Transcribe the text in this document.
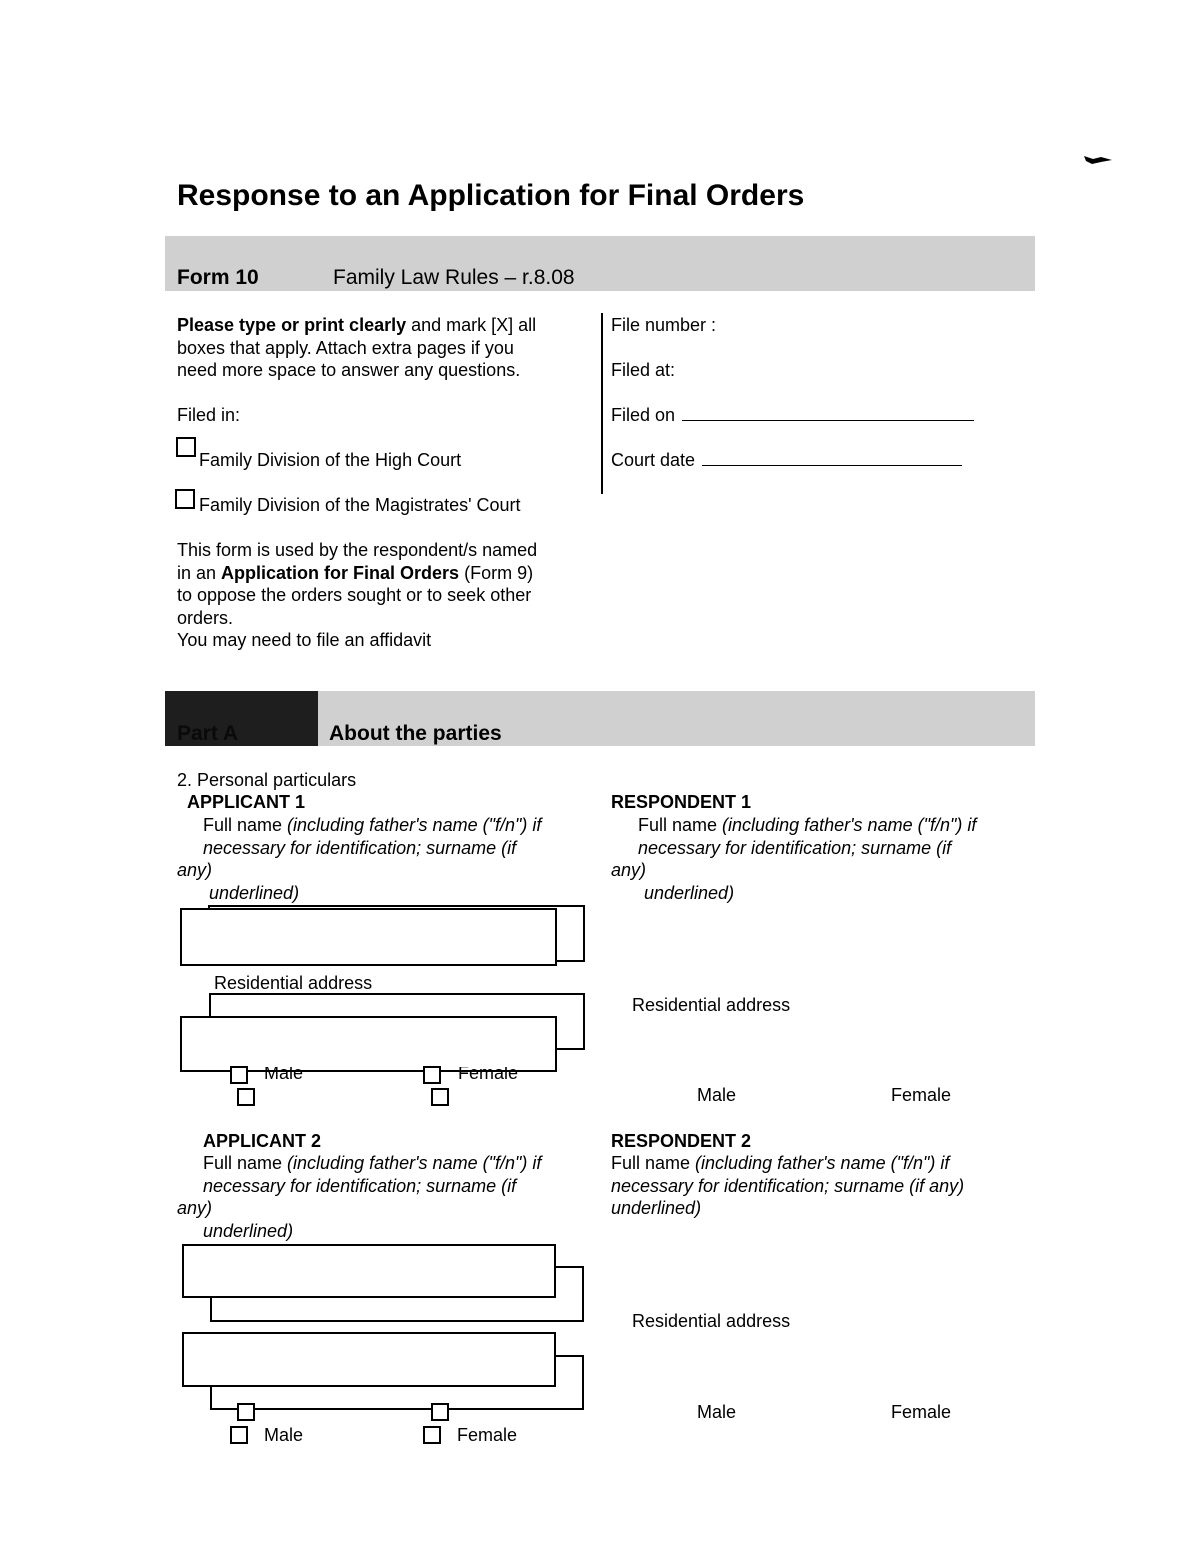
Response to an Application for Final Orders
Form 10	Family Law Rules – r.8.08
Please type or print clearly and mark [X] all
boxes that apply. Attach extra pages if you
need more space to answer any questions.
Filed in:
Family Division of the High Court
Family Division of the Magistrates' Court
This form is used by the respondent/s named
in an Application for Final Orders (Form 9)
to oppose the orders sought or to seek other
orders.
You may need to file an affidavit
File number :
Filed at:
Filed on
Court date
Part A	About the parties
2. Personal particulars
APPLICANT 1
Full name (including father's name ("f/n") if
necessary for identification; surname (if
any)
underlined)
Residential address
Male	Female
RESPONDENT 1
Full name (including father's name ("f/n") if
necessary for identification; surname (if
any)
underlined)
Residential address
Male	Female
APPLICANT 2
Full name (including father's name ("f/n") if
necessary for identification; surname (if
any)
underlined)
Male	Female
RESPONDENT 2
Full name (including father's name ("f/n") if
necessary for identification; surname (if any)
underlined)
Residential address
Male	Female
